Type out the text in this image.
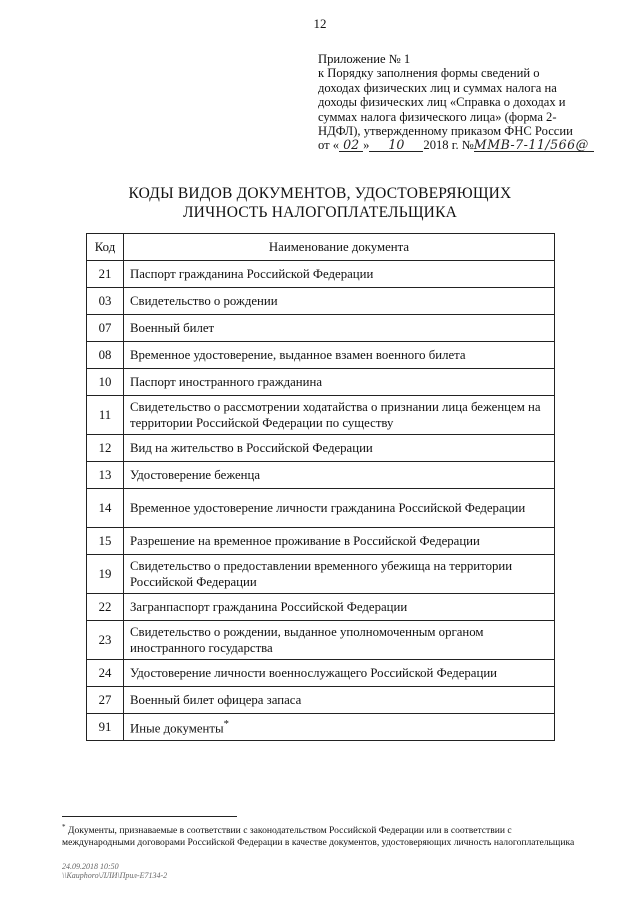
12
Приложение № 1
к Порядку заполнения формы сведений о
доходах физических лиц и суммах налога на
доходы физических лиц «Справка о доходах и
суммах налога физического лица» (форма 2-
НДФЛ), утвержденному приказом ФНС России
от « 02 » 10 2018 г. №ММВ-7-11/566@
КОДЫ ВИДОВ ДОКУМЕНТОВ, УДОСТОВЕРЯЮЩИХ
ЛИЧНОСТЬ НАЛОГОПЛАТЕЛЬЩИКА
Код	Наименование документа
21	Паспорт гражданина Российской Федерации
03	Свидетельство о рождении
07	Военный билет
08	Временное удостоверение, выданное взамен военного билета
10	Паспорт иностранного гражданина
11	Свидетельство о рассмотрении ходатайства о признании лица беженцем на территории Российской Федерации по существу
12	Вид на жительство в Российской Федерации
13	Удостоверение беженца
14	Временное удостоверение личности гражданина Российской Федерации
15	Разрешение на временное проживание в Российской Федерации
19	Свидетельство о предоставлении временного убежища на территории Российской Федерации
22	Загранпаспорт гражданина Российской Федерации
23	Свидетельство о рождении, выданное уполномоченным органом иностранного государства
24	Удостоверение личности военнослужащего Российской Федерации
27	Военный билет офицера запаса
91	Иные документы*
* Документы, признаваемые в соответствии с законодательством Российской Федерации или в соответствии с международными договорами Российской Федерации в качестве документов, удостоверяющих личность налогоплательщика
24.09.2018 10:50
\\Kauphoro\ЛЛИ\Прил-E7134-2
